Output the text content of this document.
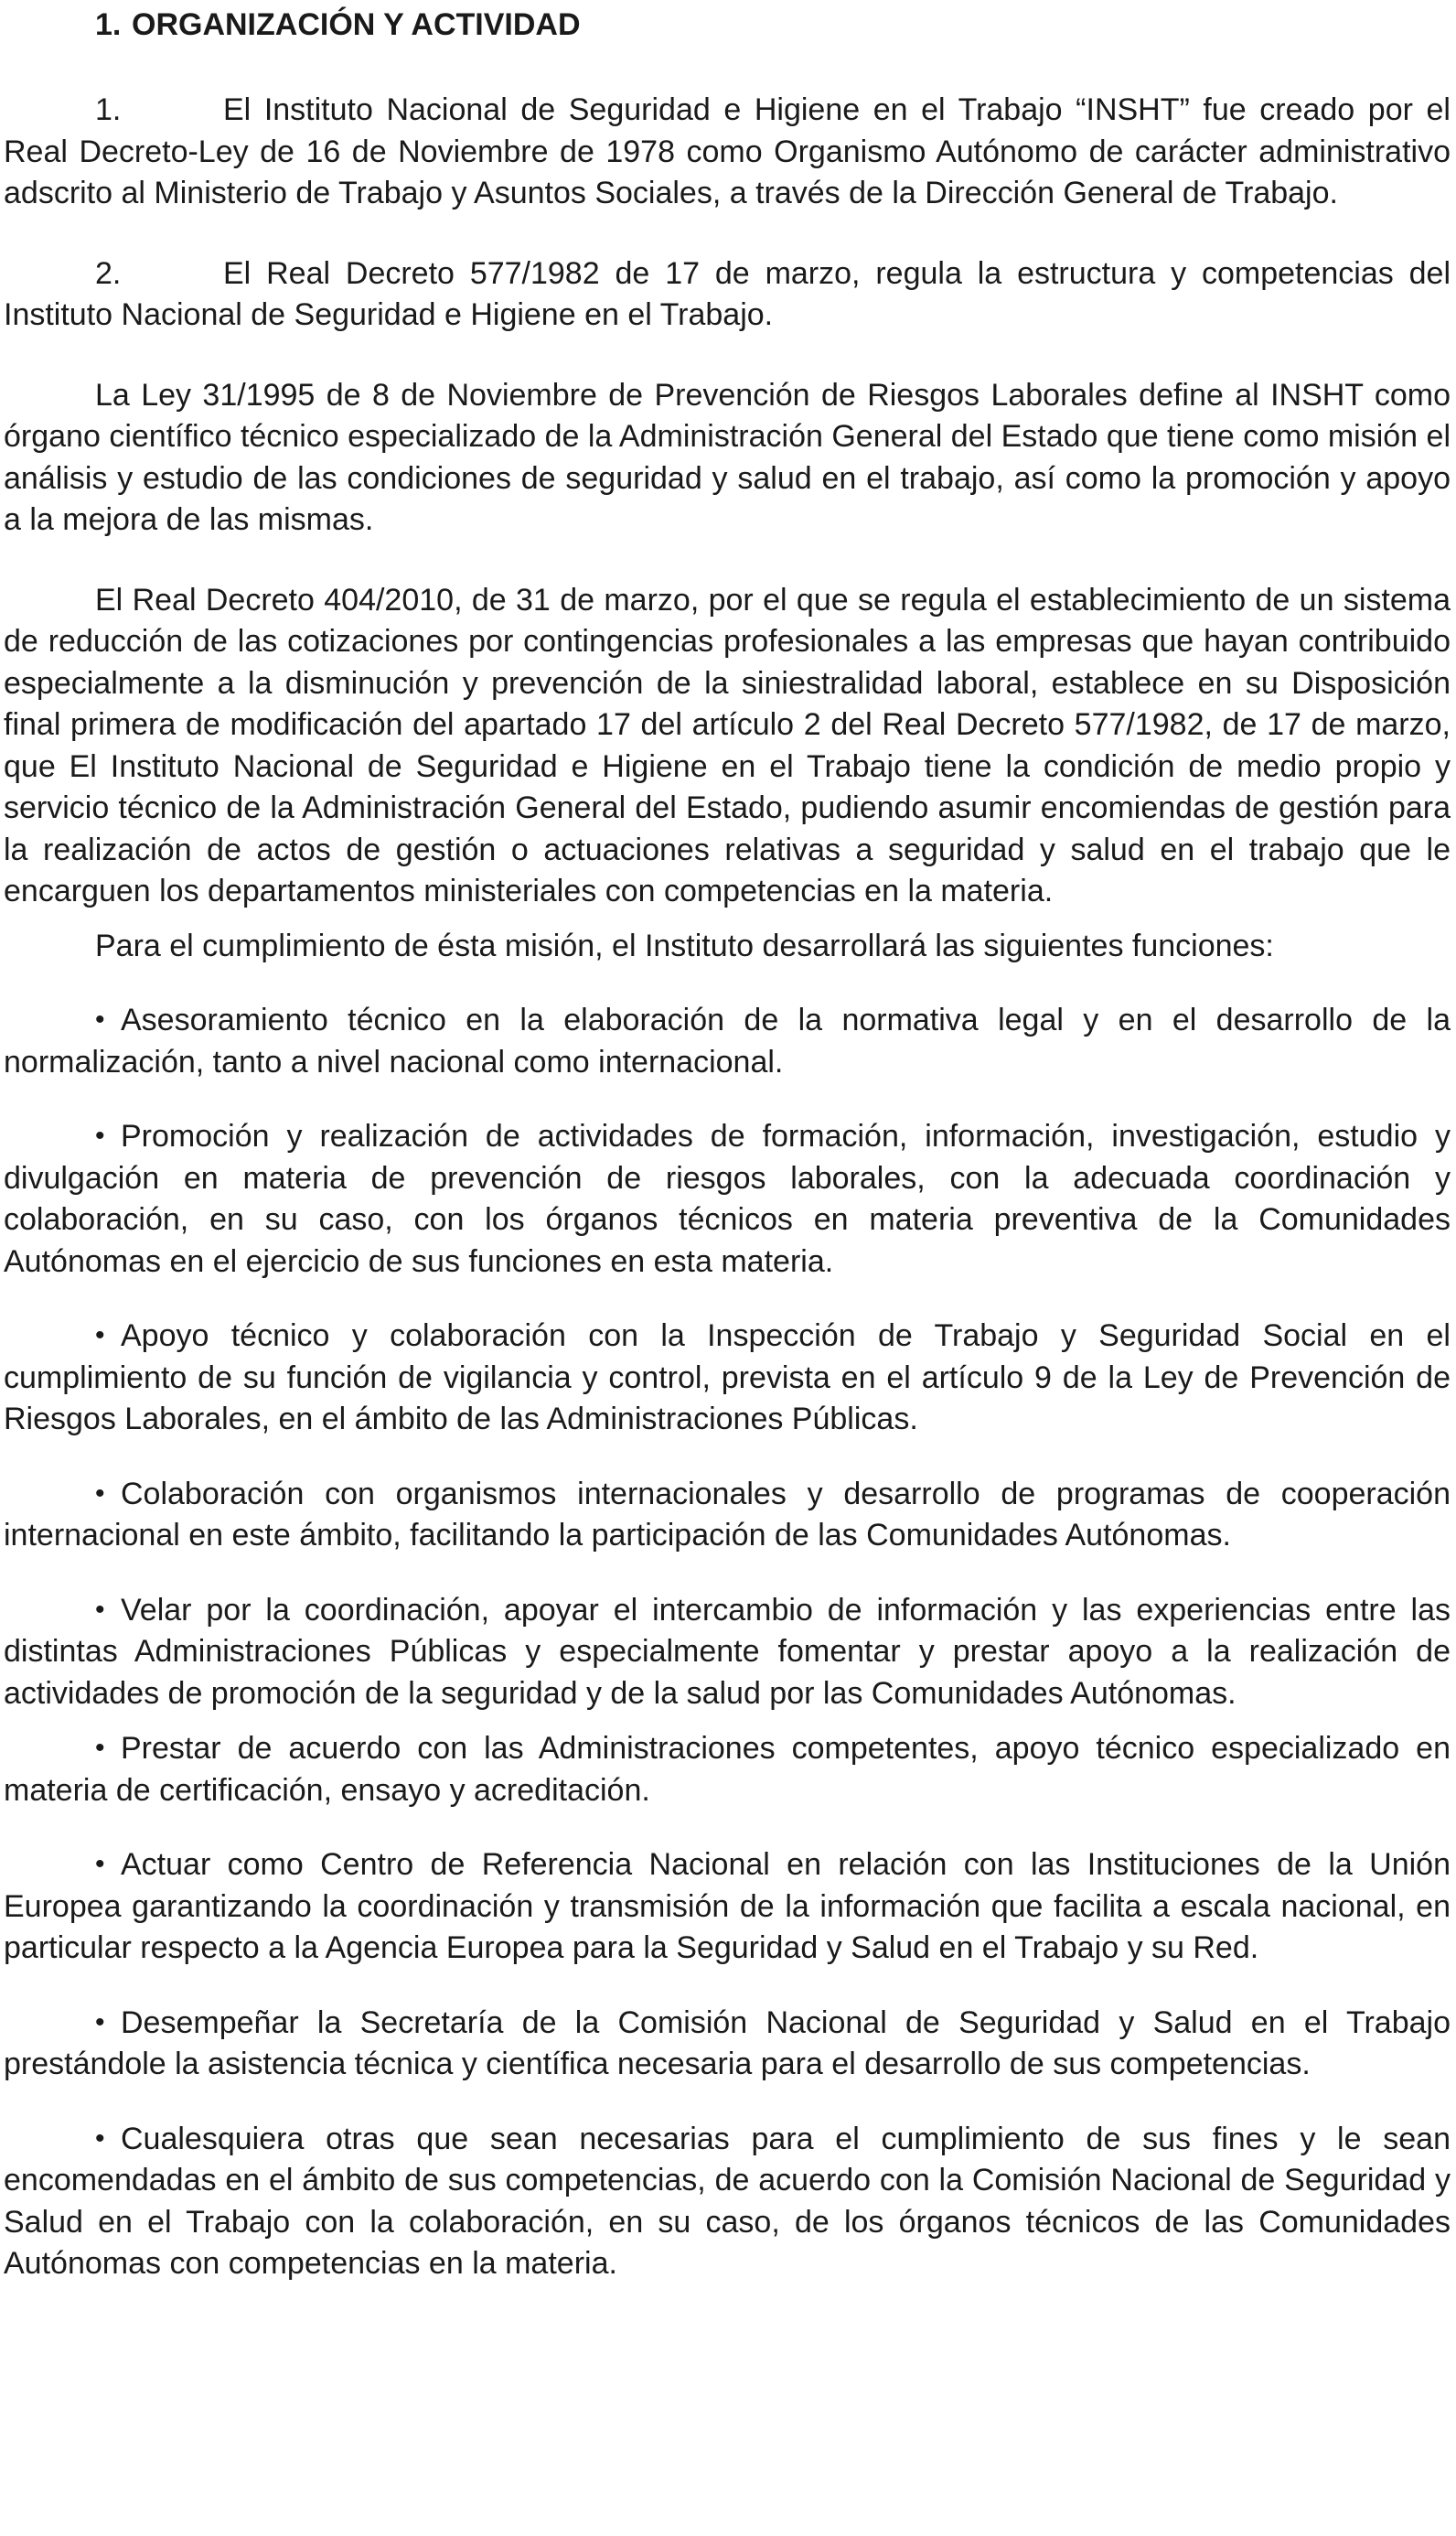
1. ORGANIZACIÓN Y ACTIVIDAD

1.	El Instituto Nacional de Seguridad e Higiene en el Trabajo “INSHT” fue creado por el Real Decreto-Ley de 16 de Noviembre de 1978 como Organismo Autónomo de carácter administrativo adscrito al Ministerio de Trabajo y Asuntos Sociales, a través de la Dirección General de Trabajo.

2.	El Real Decreto 577/1982 de 17 de marzo, regula la estructura y competencias del Instituto Nacional de Seguridad e Higiene en el Trabajo.

La Ley 31/1995 de 8 de Noviembre de Prevención de Riesgos Laborales define al INSHT como órgano científico técnico especializado de la Administración General del Estado que tiene como misión el análisis y estudio de las condiciones de seguridad y salud en el trabajo, así como la promoción y apoyo a la mejora de las mismas.

El Real Decreto 404/2010, de 31 de marzo, por el que se regula el establecimiento de un sistema de reducción de las cotizaciones por contingencias profesionales a las empresas que hayan contribuido especialmente a la disminución y prevención de la siniestralidad laboral, establece en su Disposición final primera de modificación del apartado 17 del artículo 2 del Real Decreto 577/1982, de 17 de marzo, que El Instituto Nacional de Seguridad e Higiene en el Trabajo tiene la condición de medio propio y servicio técnico de la Administración General del Estado, pudiendo asumir encomiendas de gestión para la realización de actos de gestión o actuaciones relativas a seguridad y salud en el trabajo que le encarguen los departamentos ministeriales con competencias en la materia.

Para el cumplimiento de ésta misión, el Instituto desarrollará las siguientes funciones:

• Asesoramiento técnico en la elaboración de la normativa legal y en el desarrollo de la normalización, tanto a nivel nacional como internacional.

• Promoción y realización de actividades de formación, información, investigación, estudio y divulgación en materia de prevención de riesgos laborales, con la adecuada coordinación y colaboración, en su caso, con los órganos técnicos en materia preventiva de la Comunidades Autónomas en el ejercicio de sus funciones en esta materia.

• Apoyo técnico y colaboración con la Inspección de Trabajo y Seguridad Social en el cumplimiento de su función de vigilancia y control, prevista en el artículo 9 de la Ley de Prevención de Riesgos Laborales, en el ámbito de las Administraciones Públicas.

• Colaboración con organismos internacionales y desarrollo de programas de cooperación internacional en este ámbito, facilitando la participación de las Comunidades Autónomas.

• Velar por la coordinación, apoyar el intercambio de información y las experiencias entre las distintas Administraciones Públicas y especialmente fomentar y prestar apoyo a la realización de actividades de promoción de la seguridad y de la salud por las Comunidades Autónomas.

• Prestar de acuerdo con las Administraciones competentes, apoyo técnico especializado en materia de certificación, ensayo y acreditación.

• Actuar como Centro de Referencia Nacional en relación con las Instituciones de la Unión Europea garantizando la coordinación y transmisión de la información que facilita a escala nacional, en particular respecto a la Agencia Europea para la Seguridad y Salud en el Trabajo y su Red.

• Desempeñar la Secretaría de la Comisión Nacional de Seguridad y Salud en el Trabajo prestándole la asistencia técnica y científica necesaria para el desarrollo de sus competencias.

• Cualesquiera otras que sean necesarias para el cumplimiento de sus fines y le sean encomendadas en el ámbito de sus competencias, de acuerdo con la Comisión Nacional de Seguridad y Salud en el Trabajo con la colaboración, en su caso, de los órganos técnicos de las Comunidades Autónomas con competencias en la materia.
